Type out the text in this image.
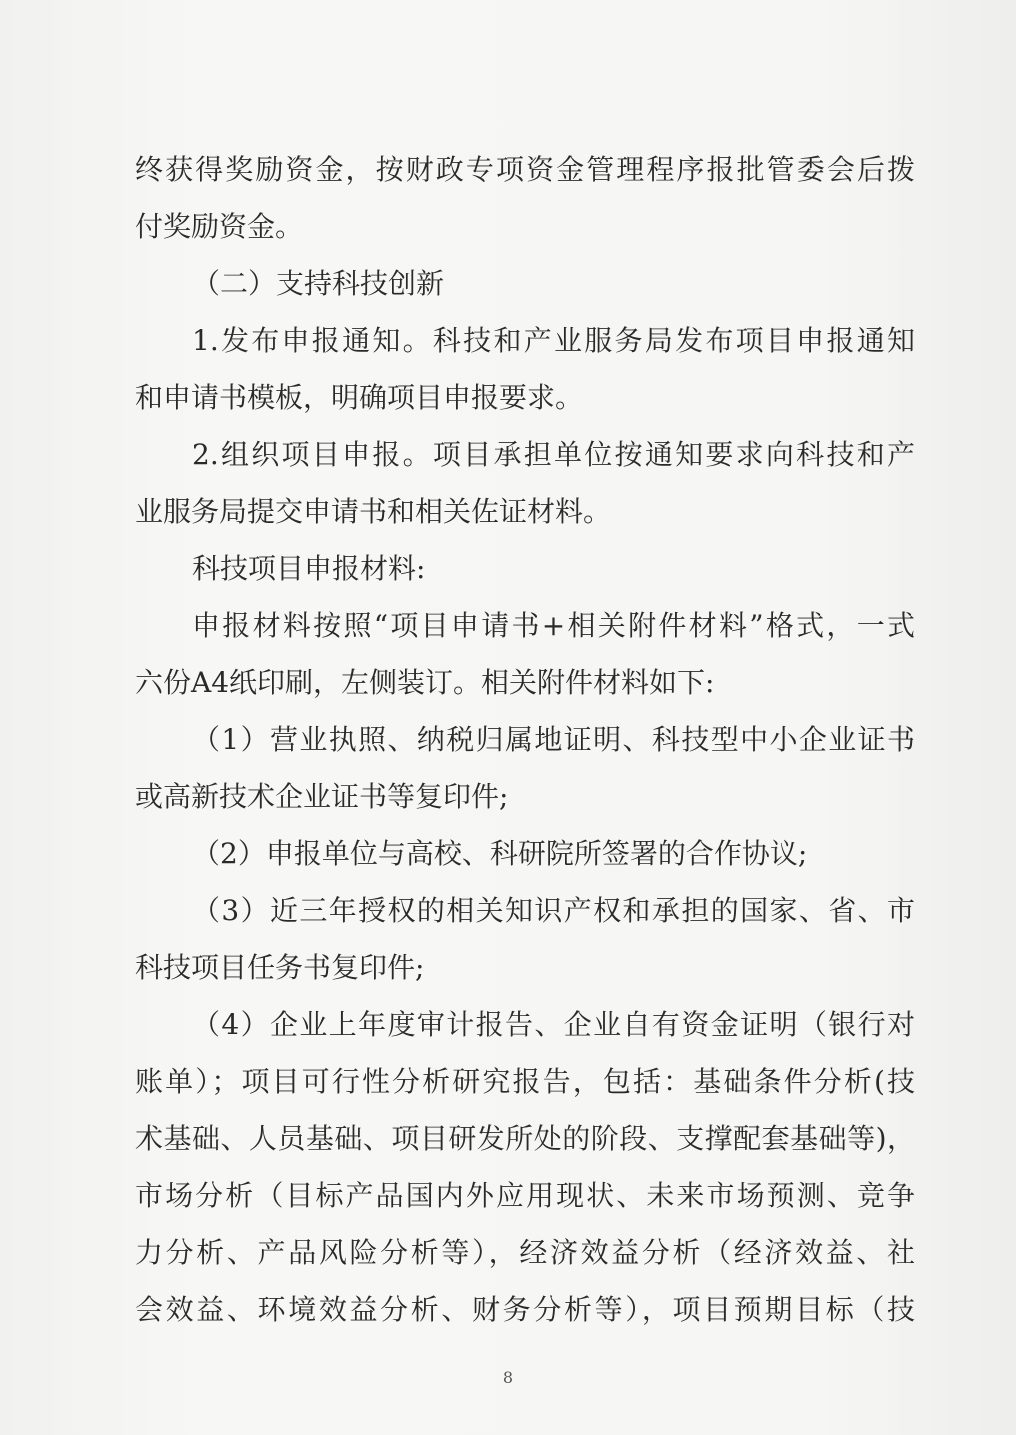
终获得奖励资金，按财政专项资金管理程序报批管委会后拨
付奖励资金。
（二）支持科技创新
1.发布申报通知。科技和产业服务局发布项目申报通知
和申请书模板，明确项目申报要求。
2.组织项目申报。项目承担单位按通知要求向科技和产
业服务局提交申请书和相关佐证材料。
科技项目申报材料:
申报材料按照“项目申请书+相关附件材料”格式，一式
六份A4纸印刷，左侧装订。相关附件材料如下:
（1）营业执照、纳税归属地证明、科技型中小企业证书
或高新技术企业证书等复印件;
（2）申报单位与高校、科研院所签署的合作协议;
（3）近三年授权的相关知识产权和承担的国家、省、市
科技项目任务书复印件;
（4）企业上年度审计报告、企业自有资金证明（银行对
账单）；项目可行性分析研究报告，包括：基础条件分析(技
术基础、人员基础、项目研发所处的阶段、支撑配套基础等)，
市场分析（目标产品国内外应用现状、未来市场预测、竞争
力分析、产品风险分析等），经济效益分析（经济效益、社
会效益、环境效益分析、财务分析等），项目预期目标（技
8
